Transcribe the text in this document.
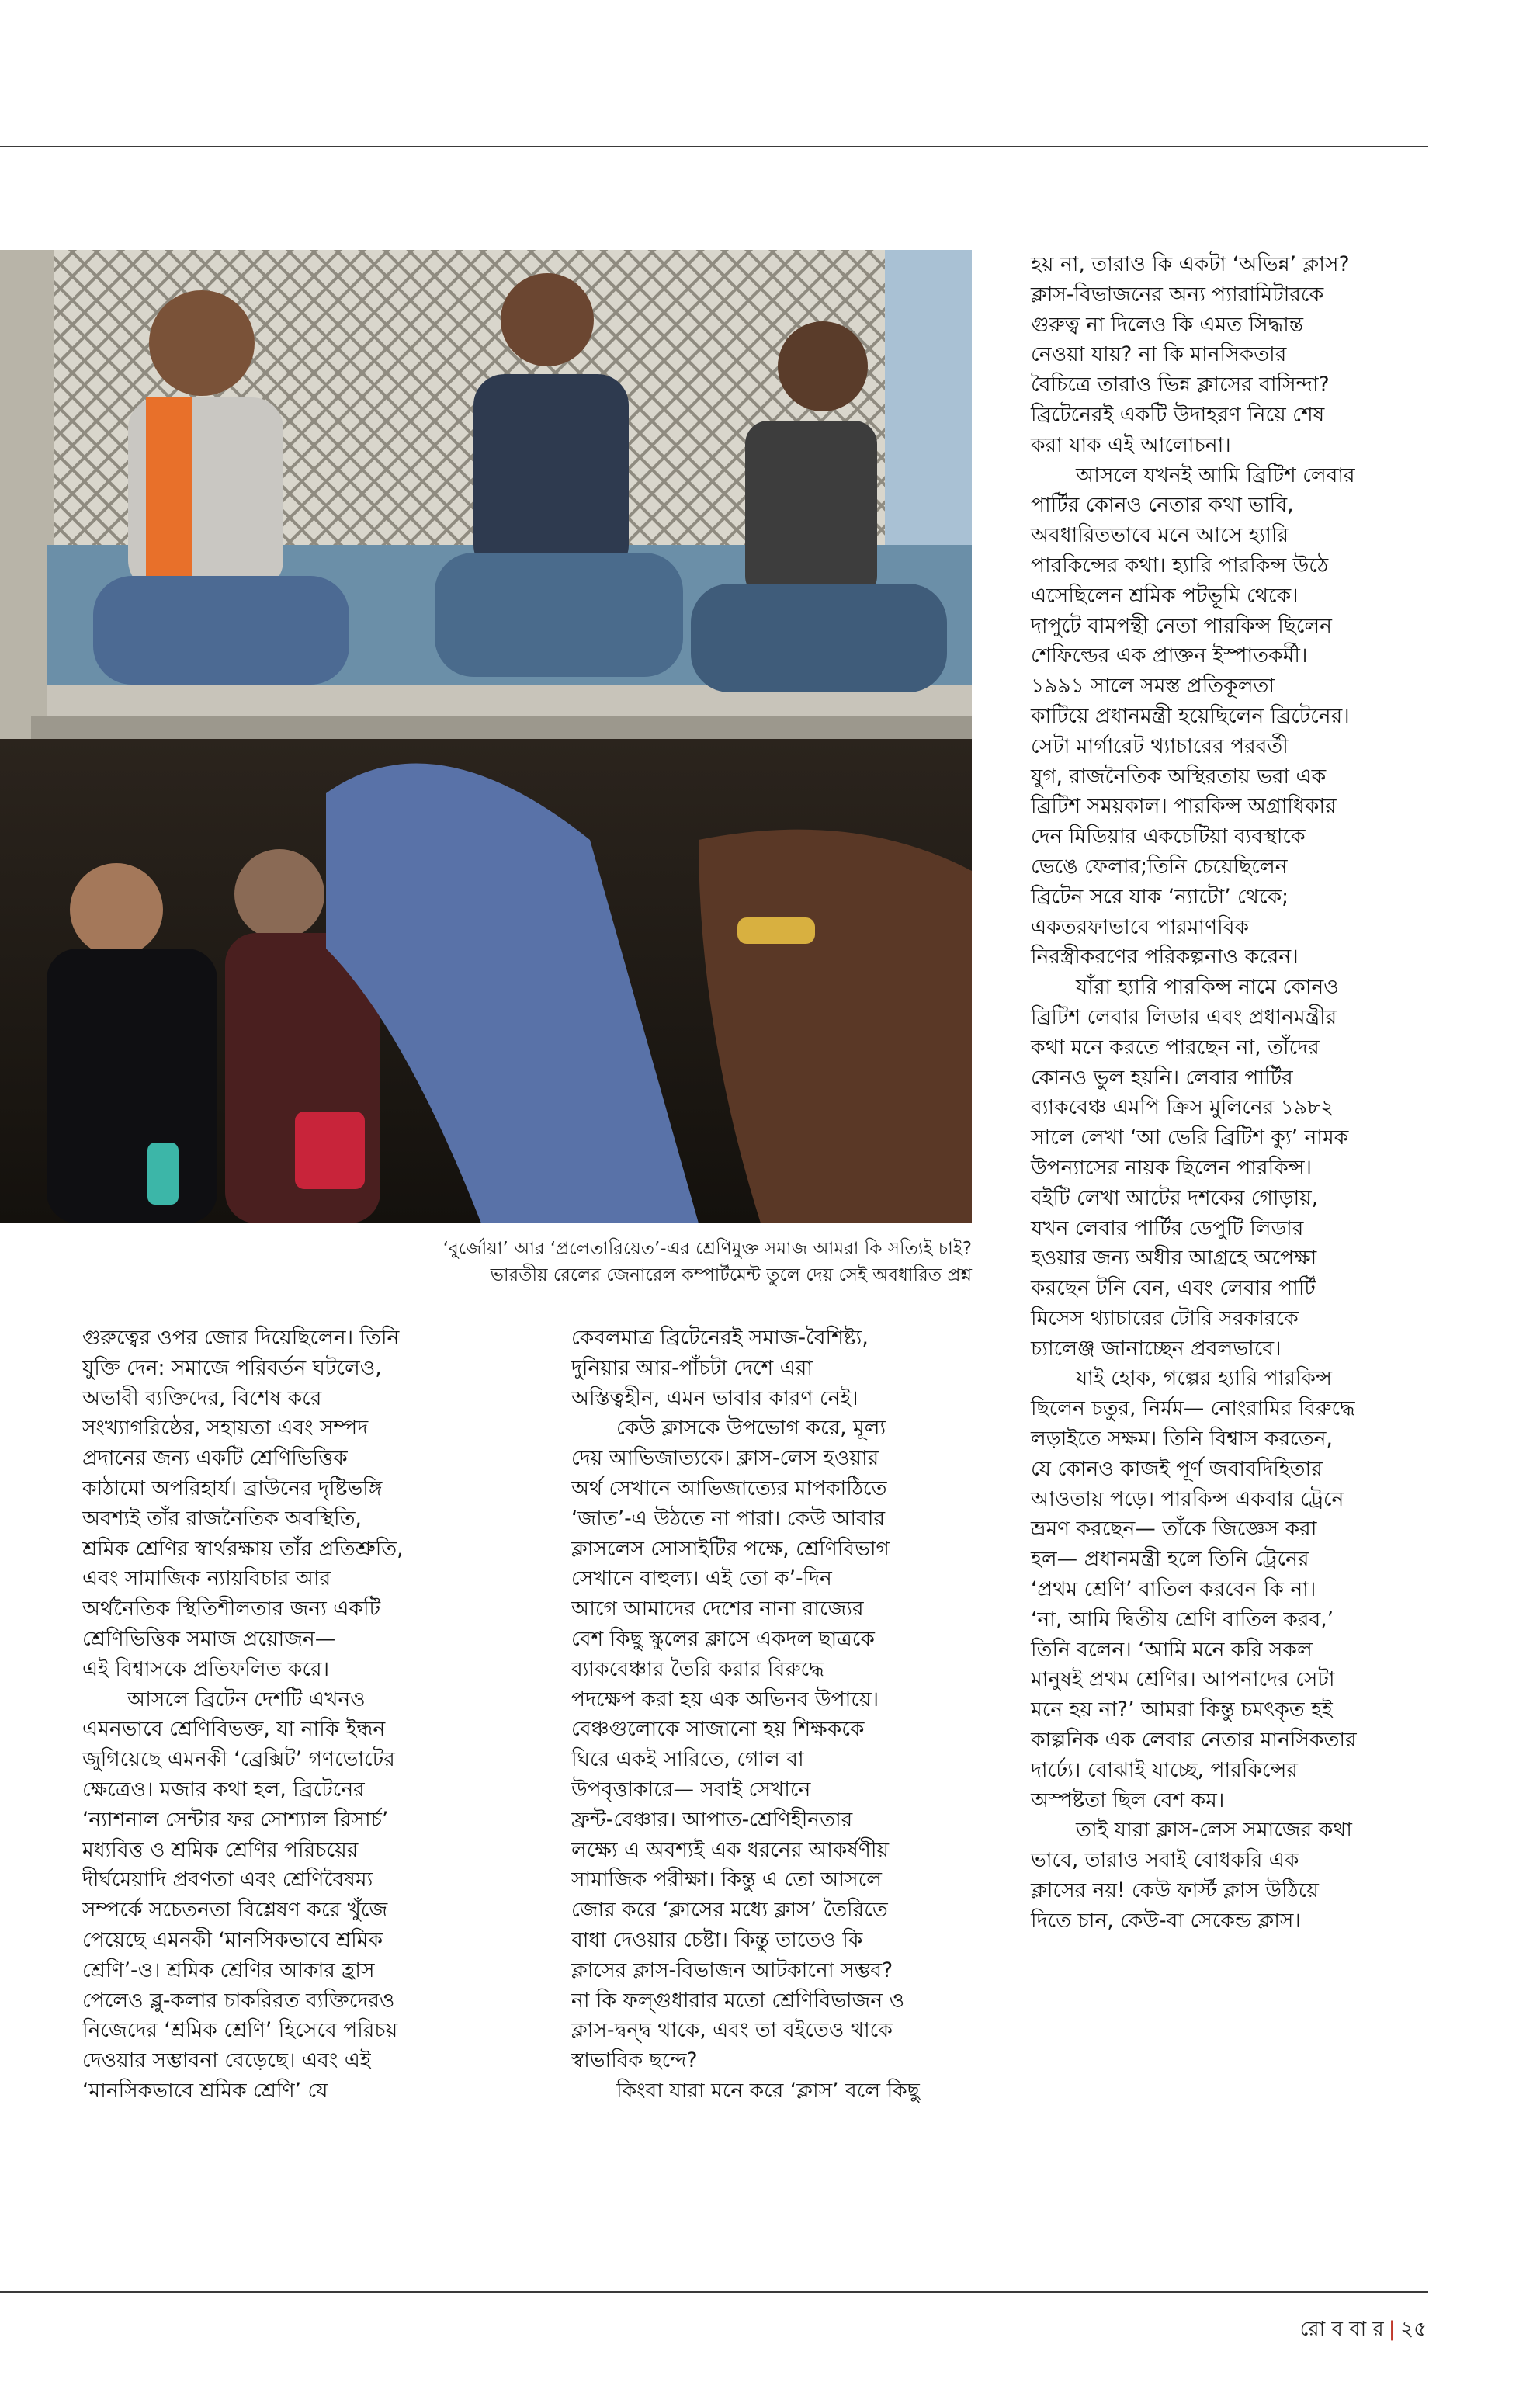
‘বুর্জোয়া’ আর ‘প্রলেতারিয়েত’-এর শ্রেণিমুক্ত সমাজ আমরা কি সত্যিই চাই?

ভারতীয় রেলের জেনারেল কম্পার্টমেন্ট তুলে দেয় সেই অবধারিত প্রশ্ন

গুরুত্বের ওপর জোর দিয়েছিলেন। তিনি

যুক্তি দেন: সমাজে পরিবর্তন ঘটলেও,

অভাবী ব্যক্তিদের, বিশেষ করে

সংখ্যাগরিষ্ঠের, সহায়তা এবং সম্পদ

প্রদানের জন্য একটি শ্রেণিভিত্তিক

কাঠামো অপরিহার্য। ব্রাউনের দৃষ্টিভঙ্গি

অবশ্যই তাঁর রাজনৈতিক অবস্থিতি,

শ্রমিক শ্রেণির স্বার্থরক্ষায় তাঁর প্রতিশ্রুতি,

এবং সামাজিক ন্যায়বিচার আর

অর্থনৈতিক স্থিতিশীলতার জন্য একটি

শ্রেণিভিত্তিক সমাজ প্রয়োজন—

এই বিশ্বাসকে প্রতিফলিত করে।

আসলে ব্রিটেন দেশটি এখনও

এমনভাবে শ্রেণিবিভক্ত, যা নাকি ইন্ধন

জুগিয়েছে এমনকী ‘ব্রেক্সিট’ গণভোটের

ক্ষেত্রেও। মজার কথা হল, ব্রিটেনের

‘ন্যাশনাল সেন্টার ফর সোশ্যাল রিসার্চ’

মধ্যবিত্ত ও শ্রমিক শ্রেণির পরিচয়ের

দীর্ঘমেয়াদি প্রবণতা এবং শ্রেণিবৈষম্য

সম্পর্কে সচেতনতা বিশ্লেষণ করে খুঁজে

পেয়েছে এমনকী ‘মানসিকভাবে শ্রমিক

শ্রেণি’-ও। শ্রমিক শ্রেণির আকার হ্রাস

পেলেও ব্লু-কলার চাকরিরত ব্যক্তিদেরও

নিজেদের ‘শ্রমিক শ্রেণি’ হিসেবে পরিচয়

দেওয়ার সম্ভাবনা বেড়েছে। এবং এই

‘মানসিকভাবে শ্রমিক শ্রেণি’ যে

কেবলমাত্র ব্রিটেনেরই সমাজ-বৈশিষ্ট্য,

দুনিয়ার আর-পাঁচটা দেশে এরা

অস্তিত্বহীন, এমন ভাবার কারণ নেই।

কেউ ক্লাসকে উপভোগ করে, মূল্য

দেয় আভিজাত্যকে। ক্লাস-লেস হওয়ার

অর্থ সেখানে আভিজাত্যের মাপকাঠিতে

‘জাত’-এ উঠতে না পারা। কেউ আবার

ক্লাসলেস সোসাইটির পক্ষে, শ্রেণিবিভাগ

সেখানে বাহুল্য। এই তো ক’-দিন

আগে আমাদের দেশের নানা রাজ্যের

বেশ কিছু স্কুলের ক্লাসে একদল ছাত্রকে

ব্যাকবেঞ্চার তৈরি করার বিরুদ্ধে

পদক্ষেপ করা হয় এক অভিনব উপায়ে।

বেঞ্চগুলোকে সাজানো হয় শিক্ষককে

ঘিরে একই সারিতে, গোল বা

উপবৃত্তাকারে— সবাই সেখানে

ফ্রন্ট-বেঞ্চার। আপাত-শ্রেণিহীনতার

লক্ষ্যে এ অবশ্যই এক ধরনের আকর্ষণীয়

সামাজিক পরীক্ষা। কিন্তু এ তো আসলে

জোর করে ‘ক্লাসের মধ্যে ক্লাস’ তৈরিতে

বাধা দেওয়ার চেষ্টা। কিন্তু তাতেও কি

ক্লাসের ক্লাস-বিভাজন আটকানো সম্ভব?

না কি ফল্গুধারার মতো শ্রেণিবিভাজন ও

ক্লাস-দ্বন্দ্ব থাকে, এবং তা বইতেও থাকে

স্বাভাবিক ছন্দে?

কিংবা যারা মনে করে ‘ক্লাস’ বলে কিছু

হয় না, তারাও কি একটা ‘অভিন্ন’ ক্লাস?

ক্লাস-বিভাজনের অন্য প্যারামিটারকে

গুরুত্ব না দিলেও কি এমত সিদ্ধান্ত

নেওয়া যায়? না কি মানসিকতার

বৈচিত্রে তারাও ভিন্ন ক্লাসের বাসিন্দা?

ব্রিটেনেরই একটি উদাহরণ নিয়ে শেষ

করা যাক এই আলোচনা।

আসলে যখনই আমি ব্রিটিশ লেবার

পার্টির কোনও নেতার কথা ভাবি,

অবধারিতভাবে মনে আসে হ্যারি

পারকিন্সের কথা। হ্যারি পারকিন্স উঠে

এসেছিলেন শ্রমিক পটভূমি থেকে।

দাপুটে বামপন্থী নেতা পারকিন্স ছিলেন

শেফিল্ডের এক প্রাক্তন ইস্পাতকর্মী।

১৯৯১ সালে সমস্ত প্রতিকূলতা

কাটিয়ে প্রধানমন্ত্রী হয়েছিলেন ব্রিটেনের।

সেটা মার্গারেট থ্যাচারের পরবর্তী

যুগ, রাজনৈতিক অস্থিরতায় ভরা এক

ব্রিটিশ সময়কাল। পারকিন্স অগ্রাধিকার

দেন মিডিয়ার একচেটিয়া ব্যবস্থাকে

ভেঙে ফেলার;তিনি চেয়েছিলেন

ব্রিটেন সরে যাক ‘ন্যাটো’ থেকে;

একতরফাভাবে পারমাণবিক

নিরস্ত্রীকরণের পরিকল্পনাও করেন।

যাঁরা হ্যারি পারকিন্স নামে কোনও

ব্রিটিশ লেবার লিডার এবং প্রধানমন্ত্রীর

কথা মনে করতে পারছেন না, তাঁদের

কোনও ভুল হয়নি। লেবার পার্টির

ব্যাকবেঞ্চ এমপি ক্রিস মুলিনের ১৯৮২

সালে লেখা ‘আ ভেরি ব্রিটিশ ক্যু’ নামক

উপন্যাসের নায়ক ছিলেন পারকিন্স।

বইটি লেখা আটের দশকের গোড়ায়,

যখন লেবার পার্টির ডেপুটি লিডার

হওয়ার জন্য অধীর আগ্রহে অপেক্ষা

করছেন টনি বেন, এবং লেবার পার্টি

মিসেস থ্যাচারের টোরি সরকারকে

চ্যালেঞ্জ জানাচ্ছেন প্রবলভাবে।

যাই হোক, গল্পের হ্যারি পারকিন্স

ছিলেন চতুর, নির্মম— নোংরামির বিরুদ্ধে

লড়াইতে সক্ষম। তিনি বিশ্বাস করতেন,

যে কোনও কাজই পূর্ণ জবাবদিহিতার

আওতায় পড়ে। পারকিন্স একবার ট্রেনে

ভ্রমণ করছেন— তাঁকে জিজ্ঞেস করা

হল— প্রধানমন্ত্রী হলে তিনি ট্রেনের

‘প্রথম শ্রেণি’ বাতিল করবেন কি না।

‘না, আমি দ্বিতীয় শ্রেণি বাতিল করব,’

তিনি বলেন। ‘আমি মনে করি সকল

মানুষই প্রথম শ্রেণির। আপনাদের সেটা

মনে হয় না?’ আমরা কিন্তু চমৎকৃত হই

কাল্পনিক এক লেবার নেতার মানসিকতার

দার্ঢ্যে। বোঝাই যাচ্ছে, পারকিন্সের

অস্পষ্টতা ছিল বেশ কম।

তাই যারা ক্লাস-লেস সমাজের কথা

ভাবে, তারাও সবাই বোধকরি এক

ক্লাসের নয়! কেউ ফার্স্ট ক্লাস উঠিয়ে

দিতে চান, কেউ-বা সেকেন্ড ক্লাস।

রো ব বা র | ২৫
